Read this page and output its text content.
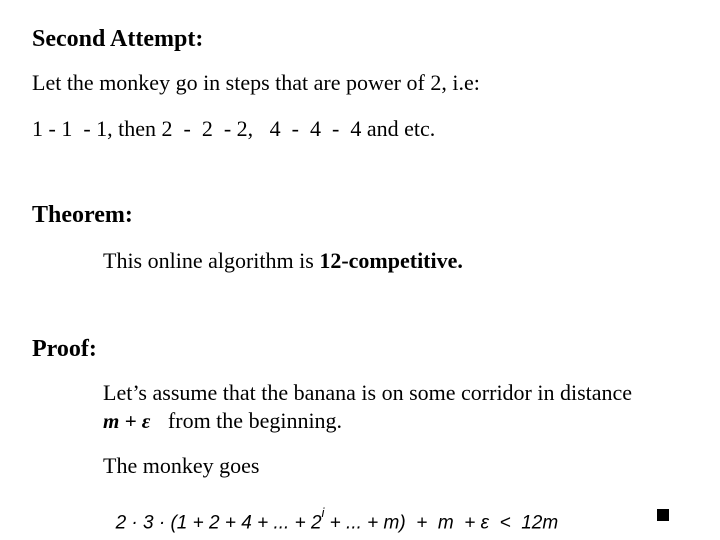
Second Attempt:
Let the monkey go in steps that are power of 2, i.e:
1 - 1  - 1, then 2  -  2  - 2,   4  -  4  -  4 and etc.
Theorem:
This online algorithm is 12-competitive.
Proof:
Let’s assume that the banana is on some corridor in distance
m + ε from the beginning.
The monkey goes

2 · 3 · (1 + 2 + 4 + ... + $2^i$ + ... + m)  +  m  + ε  <  12m
